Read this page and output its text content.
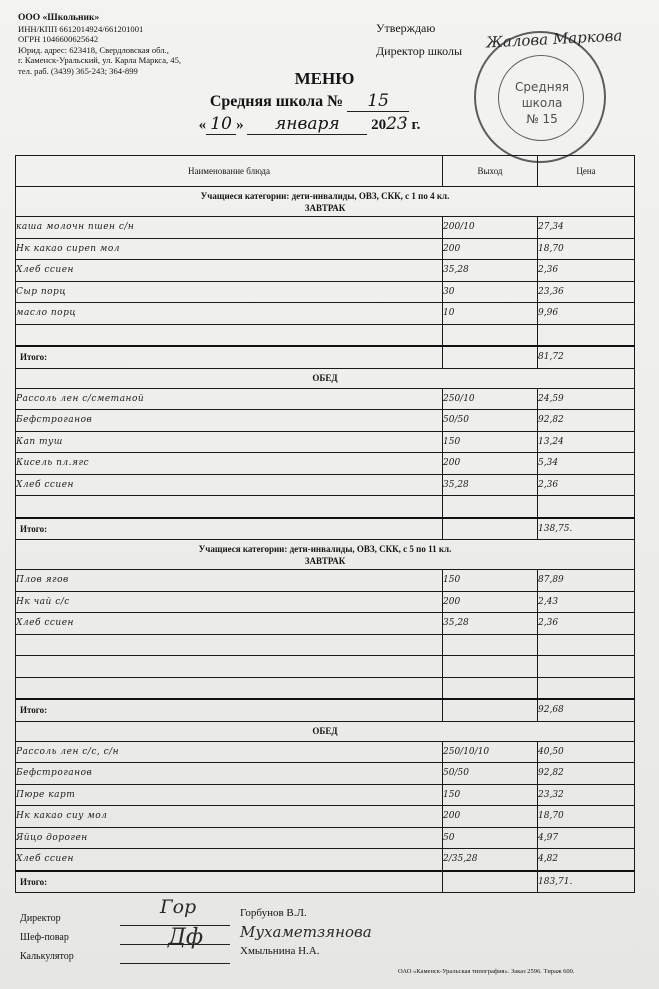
ООО «Школьник»
ИНН/КПП 6612014924/661201001
ОГРН 1046600625642
Юрид. адрес: 623418, Свердловская обл.,
г. Каменск-Уральский, ул. Карла Маркса, 45,
тел. раб. (3439) 365-243; 364-899
Утверждаю
Директор школы
Средняя
школа
№ 15
Жалова Маркова
МЕНЮ
Средняя школа № 15
« 10 » января 2023 г.
Наименование блюда	Выход	Цена

Учащиеся категории: дети-инвалиды, ОВЗ, СКК, с 1 по 4 кл.
ЗАВТРАК		

каша молочн пшен с/н	200/10	27,34
Нк какао сиреп мол	200	18,70
Хлеб ссиен	35,28	2,36
Сыр порц	30	23,36
масло порц	10	9,96

Итого:		81,72
ОБЕД		
Рассоль лен с/сметаной	250/10	24,59
Бефстроганов	50/50	92,82
Кап туш	150	13,24
Кисель пл.ягс	200	5,34
Хлеб ссиен	35,28	2,36

Итого:		138,75.

Учащиеся категории: дети-инвалиды, ОВЗ, СКК, с 5 по 11 кл.
ЗАВТРАК		

Плов ягов	150	87,89
Нк чай с/с	200	2,43
Хлеб ссиен	35,28	2,36

Итого:		92,68
ОБЕД		
Рассоль лен с/с, с/н	250/10/10	40,50
Бефстроганов	50/50	92,82
Пюре карт	150	23,32
Нк какао сиу мол	200	18,70
Яйцо дороген	50	4,97
Хлеб ссиен	2/35,28	4,82
Итого:		183,71.
Директор
Шеф-повар
Калькулятор
Гор
Дф
Горбунов В.Л.
Мухаметзянова
Хмыльнина Н.А.
ОАО «Каменск-Уральская типография». Заказ 2596. Тираж 600.
